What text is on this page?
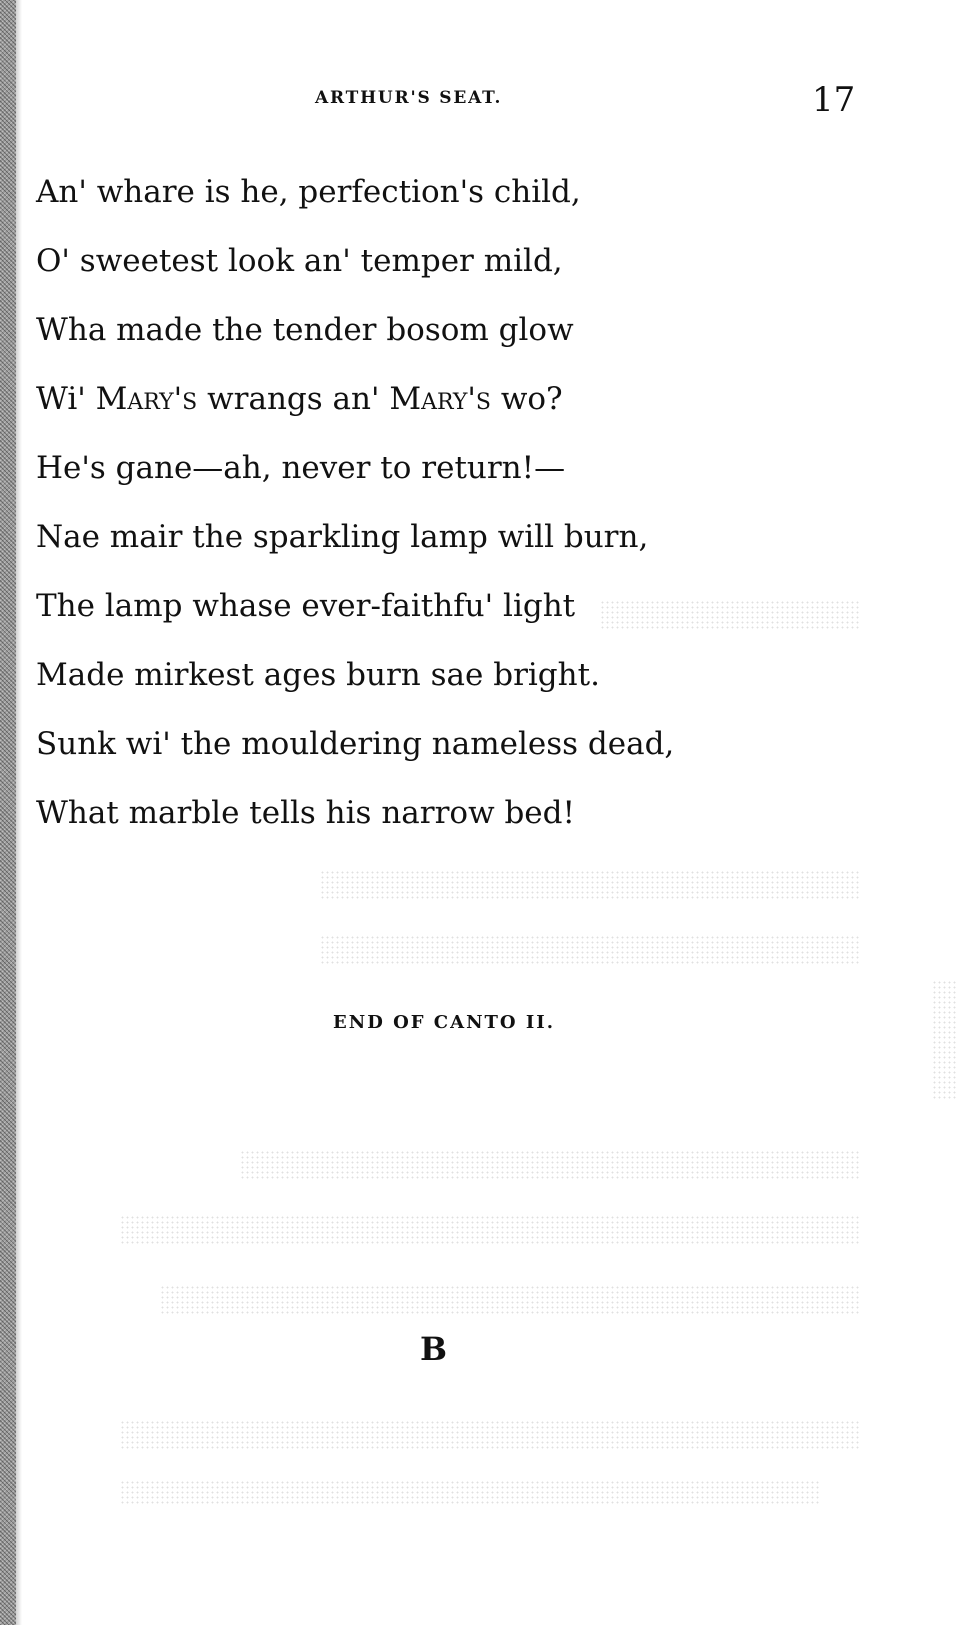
ARTHUR'S SEAT.	17
An' whare is he, perfection's child,
O' sweetest look an' temper mild,
Wha made the tender bosom glow
Wi' Mary's wrangs an' Mary's wo?
He's gane—ah, never to return!—
Nae mair the sparkling lamp will burn,
The lamp whase ever-faithfu' light
Made mirkest ages burn sae bright.
Sunk wi' the mouldering nameless dead,
What marble tells his narrow bed!
END OF CANTO II.
B
